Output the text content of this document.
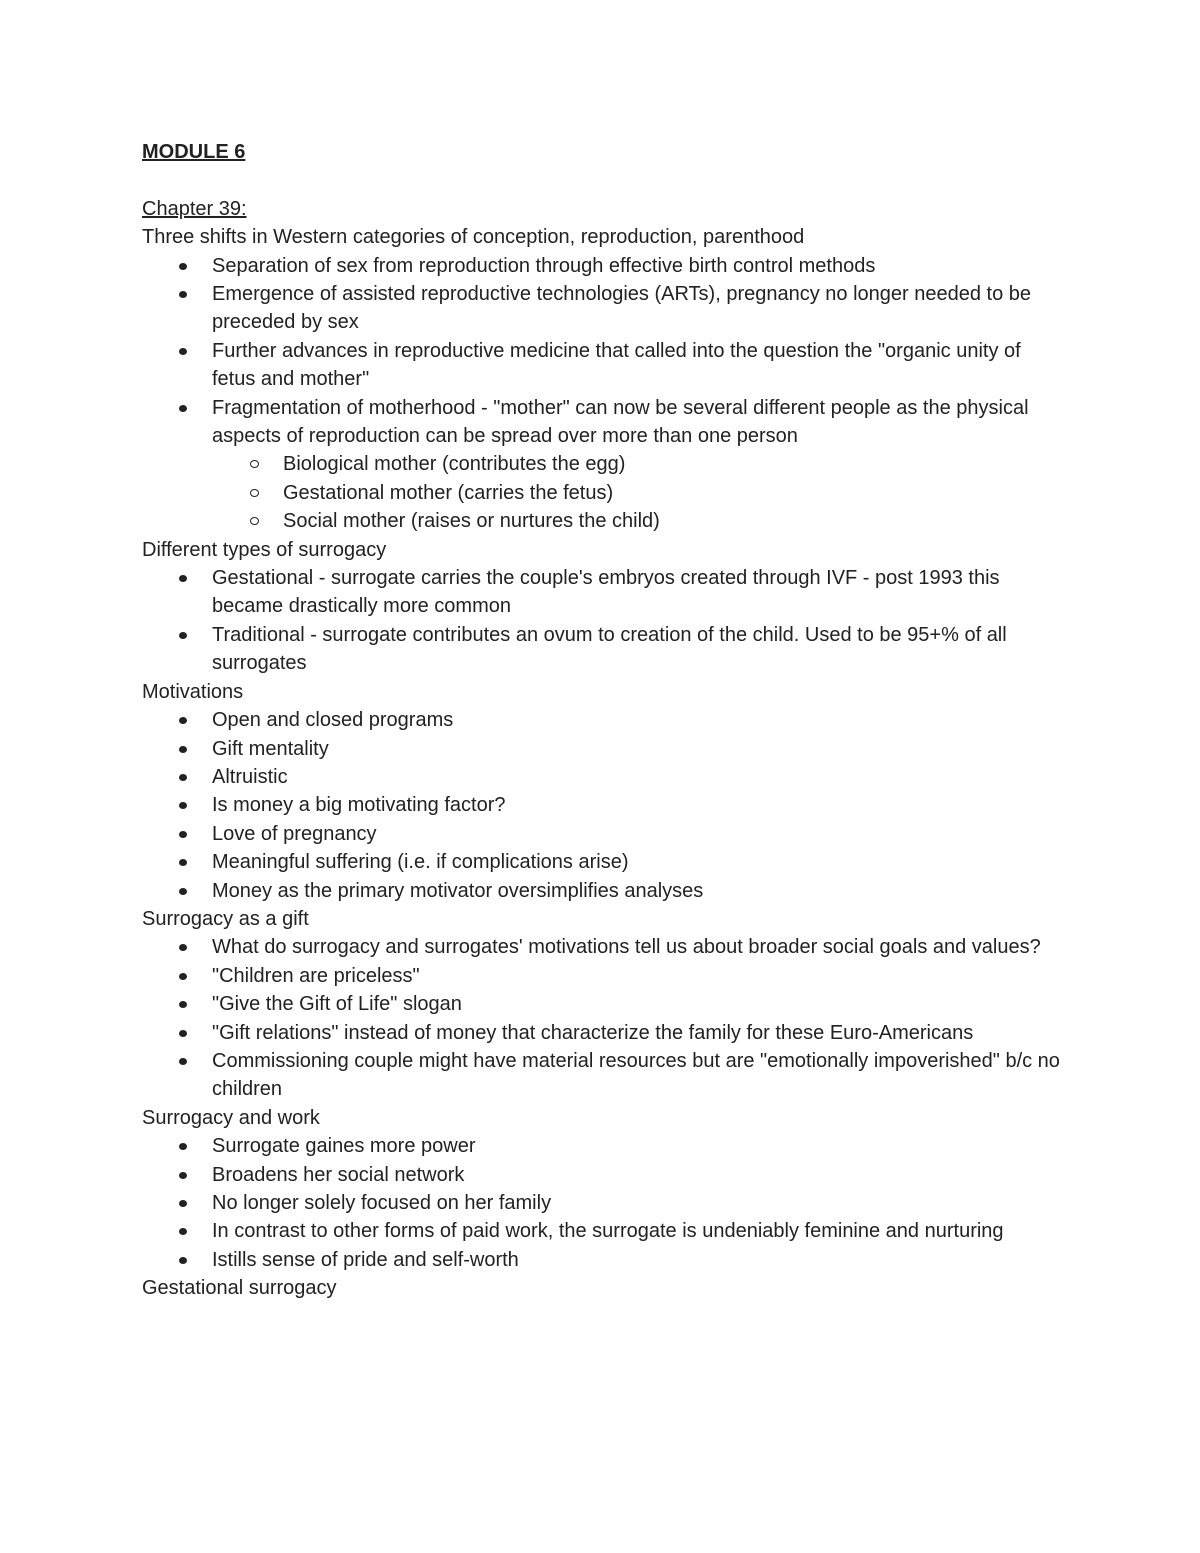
MODULE 6

Chapter 39:

Three shifts in Western categories of conception, reproduction, parenthood

Separation of sex from reproduction through effective birth control methods
Emergence of assisted reproductive technologies (ARTs), pregnancy no longer needed to be preceded by sex
Further advances in reproductive medicine that called into the question the "organic unity of fetus and mother"
Fragmentation of motherhood - "mother" can now be several different people as the physical aspects of reproduction can be spread over more than one person
Biological mother (contributes the egg)
Gestational mother (carries the fetus)
Social mother (raises or nurtures the child)

Different types of surrogacy

Gestational - surrogate carries the couple's embryos created through IVF - post 1993 this became drastically more common
Traditional - surrogate contributes an ovum to creation of the child. Used to be 95+% of all surrogates

Motivations

Open and closed programs
Gift mentality
Altruistic
Is money a big motivating factor?
Love of pregnancy
Meaningful suffering (i.e. if complications arise)
Money as the primary motivator oversimplifies analyses

Surrogacy as a gift

What do surrogacy and surrogates' motivations tell us about broader social goals and values?
"Children are priceless"
"Give the Gift of Life" slogan
"Gift relations" instead of money that characterize the family for these Euro-Americans
Commissioning couple might have material resources but are "emotionally impoverished" b/c no children

Surrogacy and work

Surrogate gaines more power
Broadens her social network
No longer solely focused on her family
In contrast to other forms of paid work, the surrogate is undeniably feminine and nurturing
Istills sense of pride and self-worth

Gestational surrogacy
